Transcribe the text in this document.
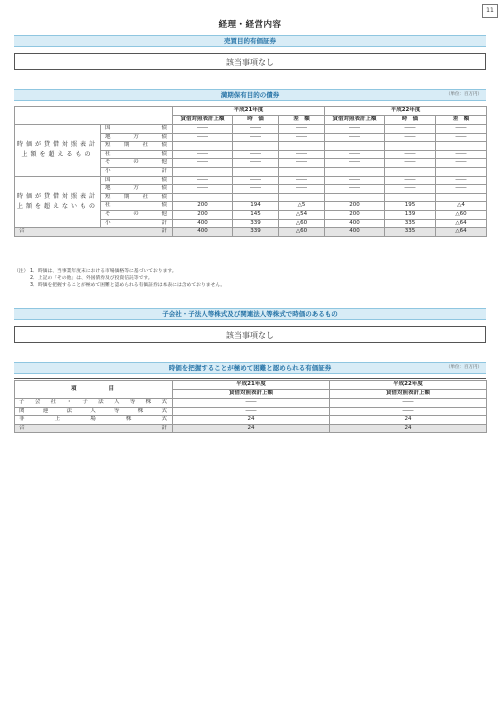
11
経理・経営内容
売買目的有価証券
該当事項なし
満期保有目的の債券	（単位：百万円）
		平成21年度			平成22年度		
		貸借対照表計上額	時　価	差　額	貸借対照表計上額	時　価	差　額
時価が貸借対照表計上額を超えるもの	国債	――	――	――	――	――	――
	地方債	――	――	――	――	――	――
	短期社債						
	社債	――	――	――	――	――	――
	その他	――	――	――	――	――	――
	小計						
時価が貸借対照表計上額を超えないもの	国債	――	――	――	――	――	――
	地方債	――	――	――	――	――	――
	短期社債						
	社債	200	194	△5	200	195	△4
	その他	200	145	△54	200	139	△60
	小計	400	339	△60	400	335	△64
合計		400	339	△60	400	335	△64
（注） 1．時価は、当事業年度末における市場価格等に基づいております。
2．上記の「その他」は、外国債券及び投資信託等です。
3．時価を把握することが極めて困難と認められる有価証券は本表には含めておりません。
子会社・子法人等株式及び関連法人等株式で時価のあるもの
該当事項なし
時価を把握することが極めて困難と認められる有価証券	（単位：百万円）
項　　　　目	平成21年度	平成22年度
	貸借対照表計上額	貸借対照表計上額
子会社・子法人等株式	――	――
関連法人等株式	――	――
非上場株式	24	24
合計	24	24
